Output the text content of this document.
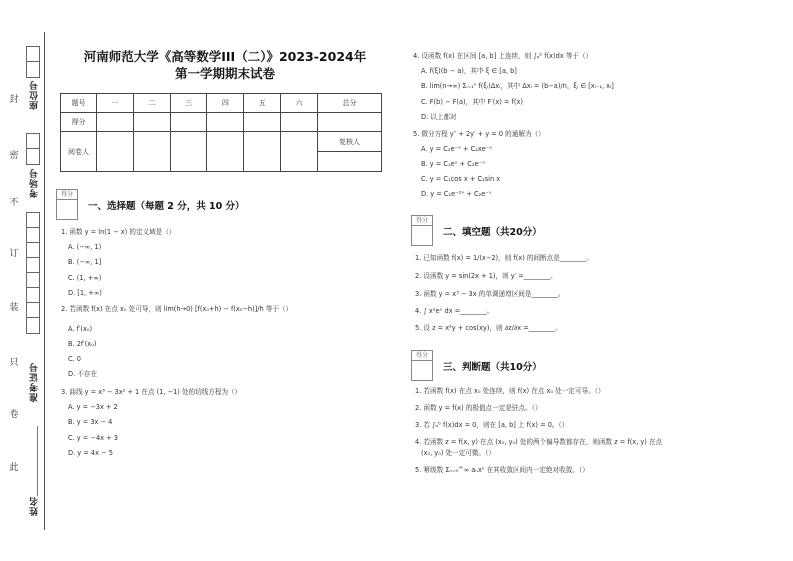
封
密
不
订
装
只
卷
此
座位号
考场号
准考证号
姓名
河南师范大学《高等数学III（二）》2023-2024年
第一学期期末试卷
题号	一	二	三	四	五	六	总分
得分							
阅卷人							复核人

得分
一、选择题（每题 2 分，共 10 分）
1. 函数 y = ln(1 − x) 的定义域是（）
A. (−∞, 1)
B. (−∞, 1]
C. (1, +∞)
D. [1, +∞)
2. 若函数 f(x) 在点 x₀ 处可导，则 lim(h→0) [f(x₀+h) − f(x₀−h)]/h 等于（）
A. f′(x₀)
B. 2f′(x₀)
C. 0
D. 不存在
3. 曲线 y = x³ − 3x² + 1 在点 (1, −1) 处的切线方程为（）
A. y = −3x + 2
B. y = 3x − 4
C. y = −4x + 3
D. y = 4x − 5
4. 设函数 f(x) 在区间 [a, b] 上连续，则 ∫ₐᵇ f(x)dx 等于（）
A. f(ξ)(b − a)，其中 ξ ∈ [a, b]
B. lim(n→∞) Σᵢ₌₁ⁿ f(ξᵢ)Δxᵢ，其中 Δxᵢ = (b−a)/n，ξᵢ ∈ [xᵢ₋₁, xᵢ]
C. F(b) − F(a)，其中 F′(x) = f(x)
D. 以上都对
5. 微分方程 y″ + 2y′ + y = 0 的通解为（）
A. y = C₁e⁻ˣ + C₂xe⁻ˣ
B. y = C₁eˣ + C₂e⁻ˣ
C. y = C₁cos x + C₂sin x
D. y = C₁e⁻²ˣ + C₂e⁻ˣ
得分
二、填空题（共20分）
1. 已知函数 f(x) = 1/(x−2)，则 f(x) 的间断点是________。
2. 设函数 y = sin(2x + 1)，则 y′ =________。
3. 函数 y = x³ − 3x 的单调递增区间是________。
4. ∫ x²eˣ dx =________。
5. 设 z = x²y + cos(xy)，则 ∂z/∂x =________。
得分
三、判断题（共10分）
1. 若函数 f(x) 在点 x₀ 处连续，则 f(x) 在点 x₀ 处一定可导。（）
2. 函数 y = f(x) 的极值点一定是驻点。（）
3. 若 ∫ₐᵇ f(x)dx = 0，则在 [a, b] 上 f(x) = 0。（）
4. 若函数 z = f(x, y) 在点 (x₀, y₀) 处的两个偏导数都存在，则函数 z = f(x, y) 在点
(x₀, y₀) 处一定可微。（）
5. 幂级数 Σₙ₌₀^∞ aₙxⁿ 在其收敛区间内一定绝对收敛。（）
